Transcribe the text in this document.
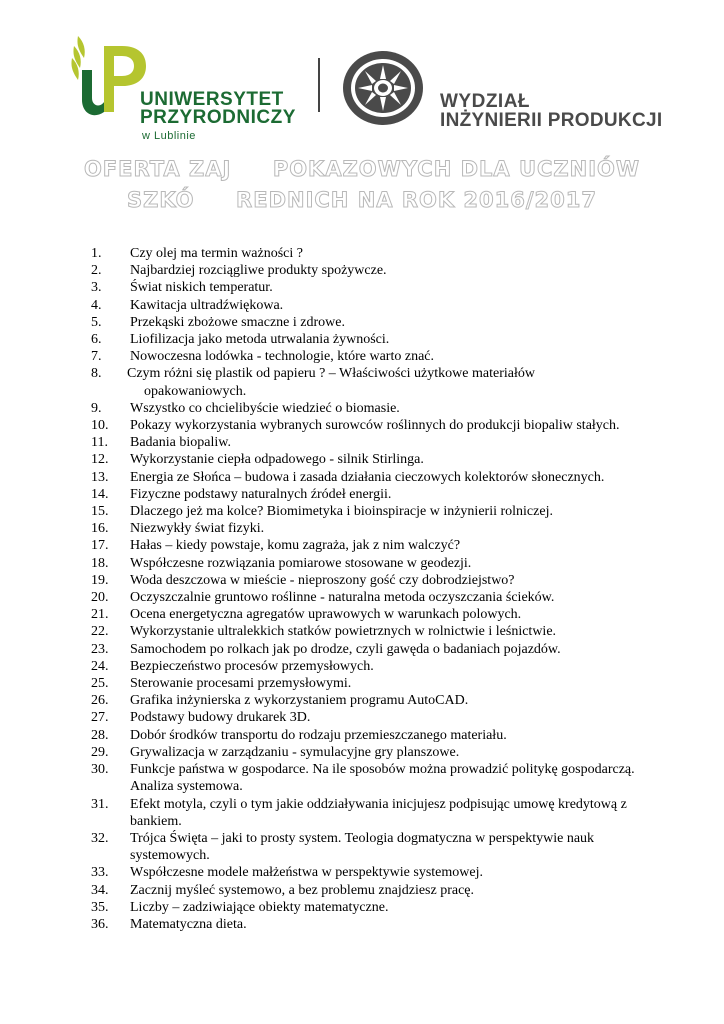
UNIWERSYTET
PRZYRODNICZY
w Lublinie
WYDZIAŁ
INŻYNIERII PRODUKCJI
OFERTA ZAJ     POKAZOWYCH DLA UCZNIÓW
SZKÓ     REDNICH NA ROK 2016/2017
1. Czy olej ma termin ważności ?
2. Najbardziej rozciągliwe produkty spożywcze.
3. Świat niskich temperatur.
4. Kawitacja ultradźwiękowa.
5. Przekąski zbożowe smaczne i zdrowe.
6. Liofilizacja jako metoda utrwalania żywności.
7. Nowoczesna lodówka - technologie, które warto znać.
8. Czym różni się plastik od papieru ? – Właściwości użytkowe materiałów
opakowaniowych.
9. Wszystko co chcielibyście wiedzieć o biomasie.
10. Pokazy wykorzystania wybranych surowców roślinnych do produkcji biopaliw stałych.
11. Badania biopaliw.
12. Wykorzystanie ciepła odpadowego - silnik Stirlinga.
13. Energia ze Słońca – budowa i zasada działania cieczowych kolektorów słonecznych.
14. Fizyczne podstawy naturalnych źródeł energii.
15. Dlaczego jeż ma kolce? Biomimetyka i bioinspiracje w inżynierii rolniczej.
16. Niezwykły świat fizyki.
17. Hałas – kiedy powstaje, komu zagraża, jak z nim walczyć?
18. Współczesne rozwiązania pomiarowe stosowane w geodezji.
19. Woda deszczowa w mieście - nieproszony gość czy dobrodziejstwo?
20. Oczyszczalnie gruntowo roślinne - naturalna metoda oczyszczania ścieków.
21. Ocena energetyczna agregatów uprawowych w warunkach polowych.
22. Wykorzystanie ultralekkich statków powietrznych w rolnictwie i leśnictwie.
23. Samochodem po rolkach jak po drodze, czyli gawęda o badaniach pojazdów.
24. Bezpieczeństwo procesów przemysłowych.
25. Sterowanie procesami przemysłowymi.
26. Grafika inżynierska z wykorzystaniem programu AutoCAD.
27. Podstawy budowy drukarek 3D.
28. Dobór środków transportu do rodzaju przemieszczanego materiału.
29. Grywalizacja w zarządzaniu - symulacyjne gry planszowe.
30. Funkcje państwa w gospodarce. Na ile sposobów można prowadzić politykę gospodarczą.
Analiza systemowa.
31. Efekt motyla, czyli o tym jakie oddziaływania inicjujesz podpisując umowę kredytową z
bankiem.
32. Trójca Święta – jaki to prosty system. Teologia dogmatyczna w perspektywie nauk
systemowych.
33. Współczesne modele małżeństwa w perspektywie systemowej.
34. Zacznij myśleć systemowo, a bez problemu znajdziesz pracę.
35. Liczby – zadziwiające obiekty matematyczne.
36. Matematyczna dieta.
